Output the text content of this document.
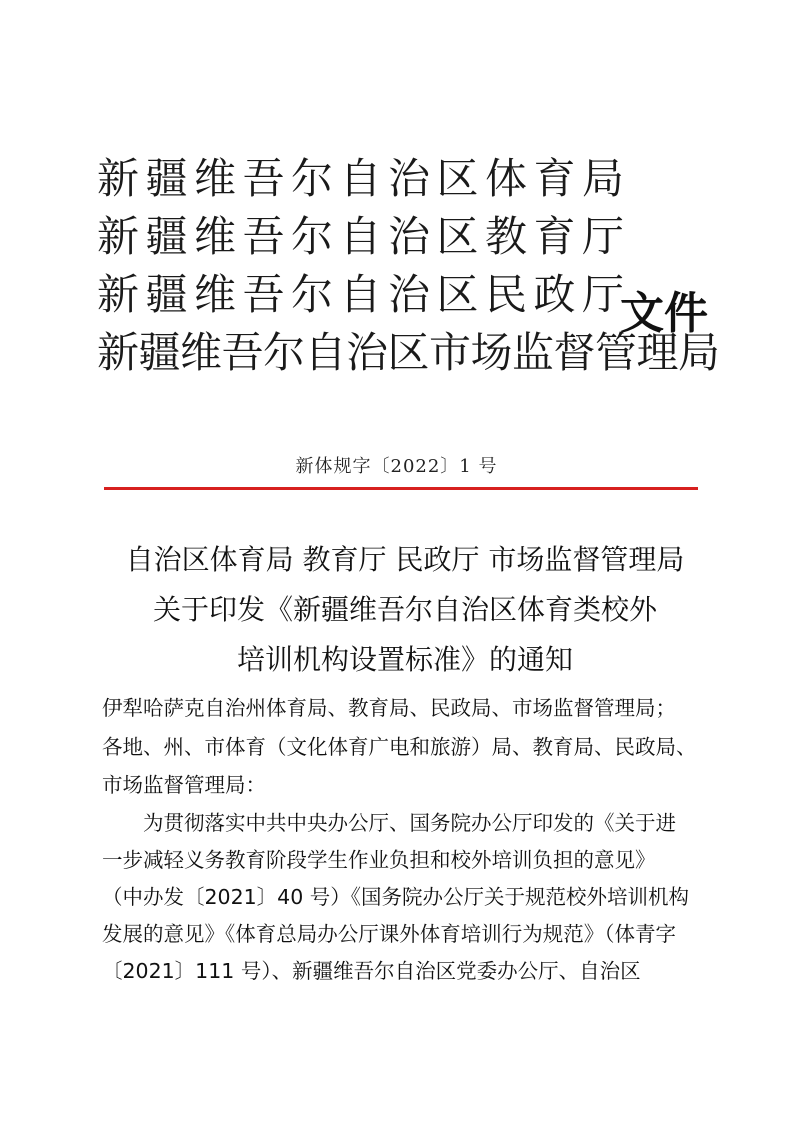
新疆维吾尔自治区体育局
新疆维吾尔自治区教育厅
新疆维吾尔自治区民政厅
新疆维吾尔自治区市场监督管理局
文件
新体规字〔2022〕1 号
自治区体育局 教育厅 民政厅 市场监督管理局
关于印发《新疆维吾尔自治区体育类校外
培训机构设置标准》的通知
伊犁哈萨克自治州体育局、教育局、民政局、市场监督管理局；
各地、州、市体育（文化体育广电和旅游）局、教育局、民政局、
市场监督管理局：
　　为贯彻落实中共中央办公厅、国务院办公厅印发的《关于进
一步减轻义务教育阶段学生作业负担和校外培训负担的意见》
（中办发〔2021〕40 号）《国务院办公厅关于规范校外培训机构
发展的意见》《体育总局办公厅课外体育培训行为规范》（体青字
〔2021〕111 号）、新疆维吾尔自治区党委办公厅、自治区
